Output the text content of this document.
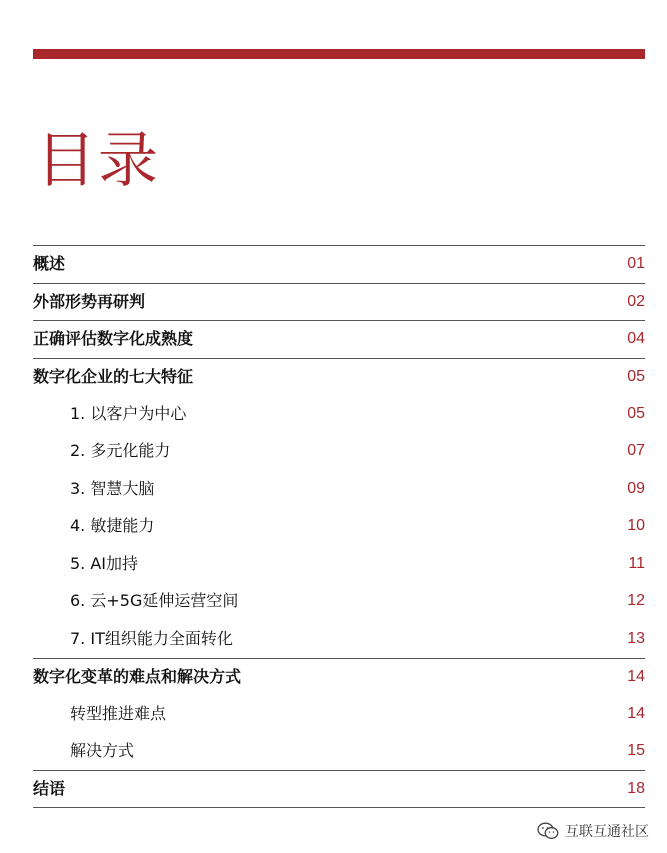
目录
概述	01
外部形势再研判	02
正确评估数字化成熟度	04
数字化企业的七大特征	05
1. 以客户为中心	05
2. 多元化能力	07
3. 智慧大脑	09
4. 敏捷能力	10
5. AI加持	11
6. 云+5G延伸运营空间	12
7. IT组织能力全面转化	13
数字化变革的难点和解决方式	14
转型推进难点	14
解决方式	15
结语	18
互联互通社区
